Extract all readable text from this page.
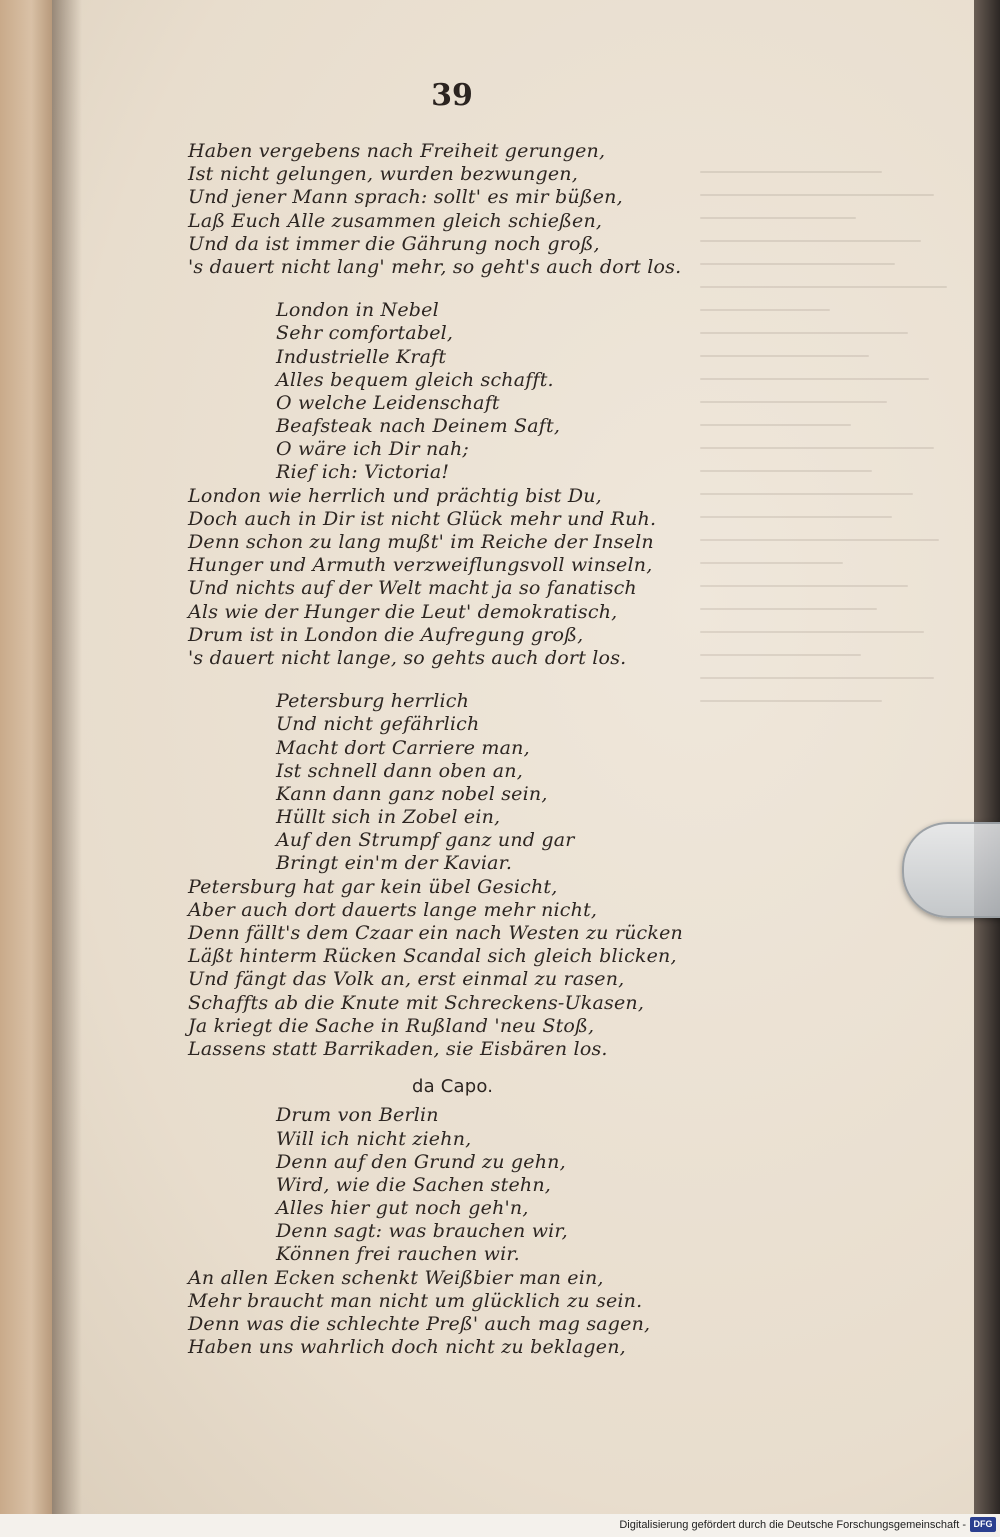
39
Haben vergebens nach Freiheit gerungen,
Ist nicht gelungen, wurden bezwungen,
Und jener Mann sprach: sollt' es mir büßen,
Laß Euch Alle zusammen gleich schießen,
Und da ist immer die Gährung noch groß,
's dauert nicht lang' mehr, so geht's auch dort los.
London in Nebel
Sehr comfortabel,
Industrielle Kraft
Alles bequem gleich schafft.
O welche Leidenschaft
Beafsteak nach Deinem Saft,
O wäre ich Dir nah;
Rief ich: Victoria!
London wie herrlich und prächtig bist Du,
Doch auch in Dir ist nicht Glück mehr und Ruh.
Denn schon zu lang mußt' im Reiche der Inseln
Hunger und Armuth verzweiflungsvoll winseln,
Und nichts auf der Welt macht ja so fanatisch
Als wie der Hunger die Leut' demokratisch,
Drum ist in London die Aufregung groß,
's dauert nicht lange, so gehts auch dort los.
Petersburg herrlich
Und nicht gefährlich
Macht dort Carriere man,
Ist schnell dann oben an,
Kann dann ganz nobel sein,
Hüllt sich in Zobel ein,
Auf den Strumpf ganz und gar
Bringt ein'm der Kaviar.
Petersburg hat gar kein übel Gesicht,
Aber auch dort dauerts lange mehr nicht,
Denn fällt's dem Czaar ein nach Westen zu rücken
Läßt hinterm Rücken Scandal sich gleich blicken,
Und fängt das Volk an, erst einmal zu rasen,
Schaffts ab die Knute mit Schreckens-Ukasen,
Ja kriegt die Sache in Rußland 'neu Stoß,
Lassens statt Barrikaden, sie Eisbären los.
da Capo.
Drum von Berlin
Will ich nicht ziehn,
Denn auf den Grund zu gehn,
Wird, wie die Sachen stehn,
Alles hier gut noch geh'n,
Denn sagt: was brauchen wir,
Können frei rauchen wir.
An allen Ecken schenkt Weißbier man ein,
Mehr braucht man nicht um glücklich zu sein.
Denn was die schlechte Preß' auch mag sagen,
Haben uns wahrlich doch nicht zu beklagen,
Digitalisierung gefördert durch die Deutsche Forschungsgemeinschaft - DFG
